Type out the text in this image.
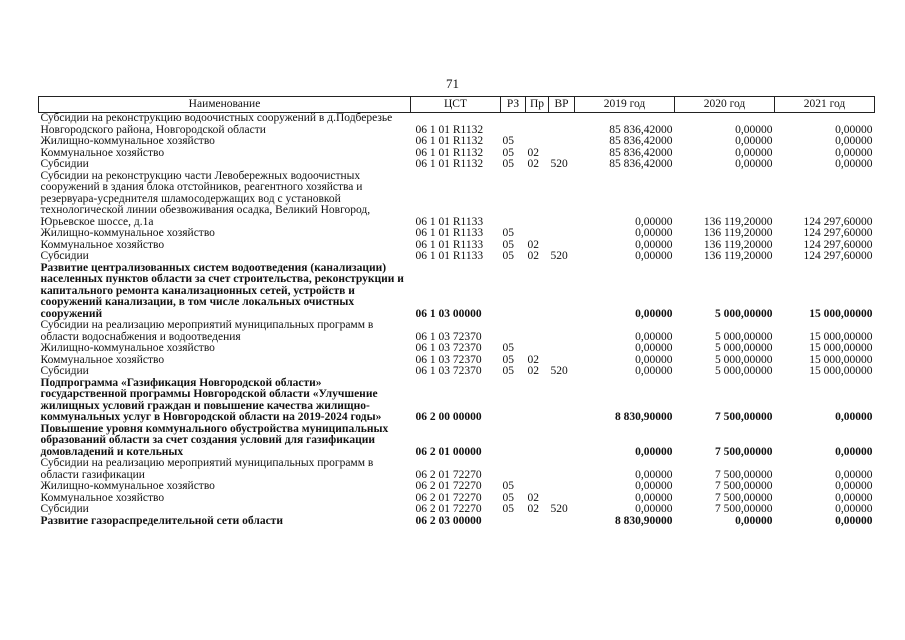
71
Наименование	ЦСТ	РЗ	Пр	ВР	2019 год	2020 год	2021 год
Субсидии на реконструкцию водоочистных сооружений в д.Подберезье Новгородского района, Новгородской области	06 1 01 R1132				85 836,42000	0,00000	0,00000
Жилищно-коммунальное хозяйство	06 1 01 R1132	05			85 836,42000	0,00000	0,00000
Коммунальное хозяйство	06 1 01 R1132	05	02		85 836,42000	0,00000	0,00000
Субсидии	06 1 01 R1132	05	02	520	85 836,42000	0,00000	0,00000
Субсидии на реконструкцию части Левобережных водоочистных сооружений в здания блока отстойников, реагентного хозяйства и резервуара-усреднителя шламосодержащих вод с установкой технологической линии обезвоживания осадка, Великий Новгород, Юрьевское шоссе, д.1а	06 1 01 R1133				0,00000	136 119,20000	124 297,60000
Жилищно-коммунальное хозяйство	06 1 01 R1133	05			0,00000	136 119,20000	124 297,60000
Коммунальное хозяйство	06 1 01 R1133	05	02		0,00000	136 119,20000	124 297,60000
Субсидии	06 1 01 R1133	05	02	520	0,00000	136 119,20000	124 297,60000
Развитие централизованных систем водоотведения (канализации) населенных пунктов области за счет строительства, реконструкции и капитального ремонта канализационных сетей, устройств и сооружений канализации, в том числе локальных очистных сооружений	06 1 03 00000				0,00000	5 000,00000	15 000,00000
Субсидии на реализацию мероприятий муниципальных программ в области водоснабжения и водоотведения	06 1 03 72370				0,00000	5 000,00000	15 000,00000
Жилищно-коммунальное хозяйство	06 1 03 72370	05			0,00000	5 000,00000	15 000,00000
Коммунальное хозяйство	06 1 03 72370	05	02		0,00000	5 000,00000	15 000,00000
Субсидии	06 1 03 72370	05	02	520	0,00000	5 000,00000	15 000,00000
Подпрограмма «Газификация Новгородской области» государственной программы Новгородской области «Улучшение жилищных условий граждан и повышение качества жилищно-коммунальных услуг в Новгородской области на 2019-2024 годы»	06 2 00 00000				8 830,90000	7 500,00000	0,00000
Повышение уровня коммунального обустройства муниципальных образований области за счет создания условий для газификации домовладений и котельных	06 2 01 00000				0,00000	7 500,00000	0,00000
Субсидии на реализацию мероприятий муниципальных программ в области газификации	06 2 01 72270				0,00000	7 500,00000	0,00000
Жилищно-коммунальное хозяйство	06 2 01 72270	05			0,00000	7 500,00000	0,00000
Коммунальное хозяйство	06 2 01 72270	05	02		0,00000	7 500,00000	0,00000
Субсидии	06 2 01 72270	05	02	520	0,00000	7 500,00000	0,00000
Развитие газораспределительной сети области	06 2 03 00000				8 830,90000	0,00000	0,00000
